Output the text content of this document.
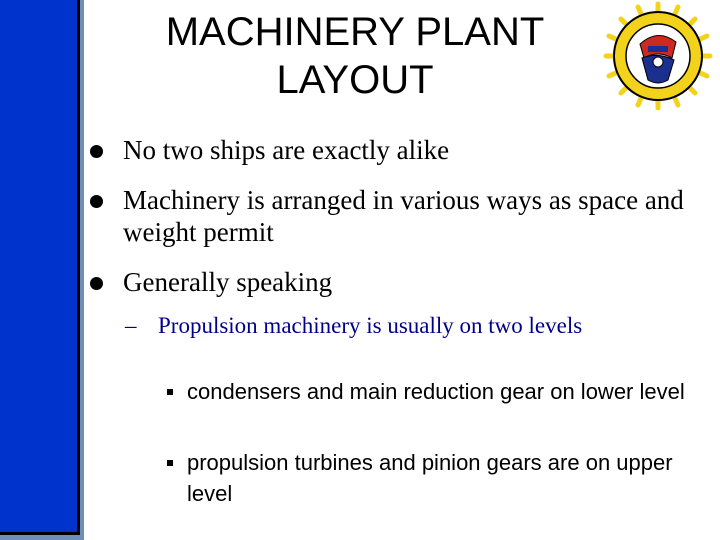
MACHINERY PLANT
LAYOUT
No two ships are exactly alike
Machinery is arranged in various ways as space and weight permit
Generally speaking
– Propulsion machinery is usually on two levels
condensers and main reduction gear on lower level
propulsion turbines and pinion gears are on upper level
